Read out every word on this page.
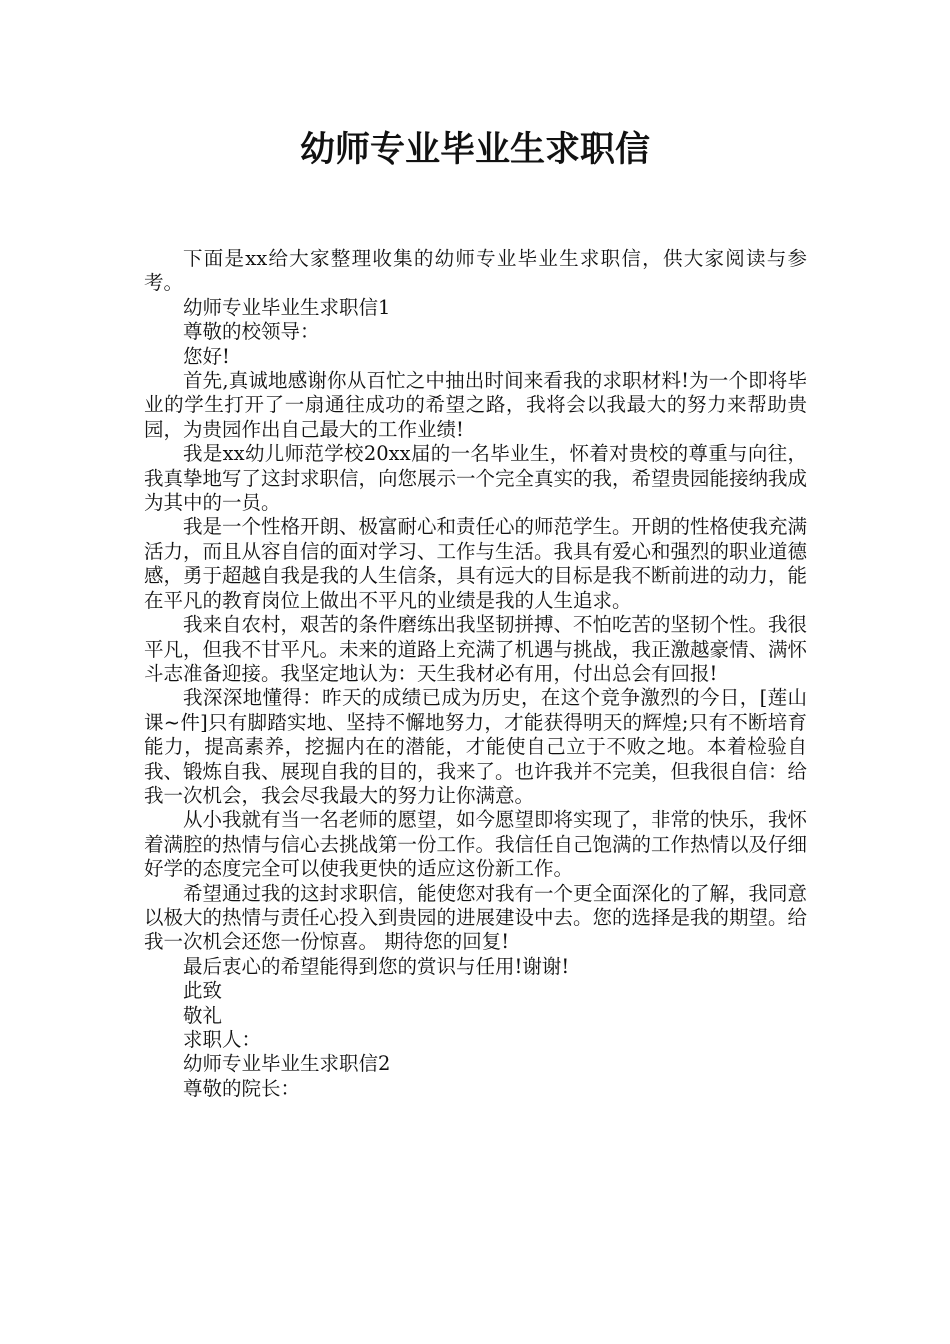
幼师专业毕业生求职信

下面是xx给大家整理收集的幼师专业毕业生求职信，供大家阅读与参考。

幼师专业毕业生求职信1

尊敬的校领导：

您好!

首先,真诚地感谢你从百忙之中抽出时间来看我的求职材料!为一个即将毕业的学生打开了一扇通往成功的希望之路，我将会以我最大的努力来帮助贵园，为贵园作出自己最大的工作业绩!

我是xx幼儿师范学校20xx届的一名毕业生，怀着对贵校的尊重与向往，我真挚地写了这封求职信，向您展示一个完全真实的我，希望贵园能接纳我成为其中的一员。

我是一个性格开朗、极富耐心和责任心的师范学生。开朗的性格使我充满活力，而且从容自信的面对学习、工作与生活。我具有爱心和强烈的职业道德感，勇于超越自我是我的人生信条，具有远大的目标是我不断前进的动力，能在平凡的教育岗位上做出不平凡的业绩是我的人生追求。

我来自农村，艰苦的条件磨练出我坚韧拼搏、不怕吃苦的坚韧个性。我很平凡，但我不甘平凡。未来的道路上充满了机遇与挑战，我正激越豪情、满怀斗志准备迎接。我坚定地认为：天生我材必有用，付出总会有回报!

我深深地懂得：昨天的成绩已成为历史，在这个竞争激烈的今日，[莲山 课~件]只有脚踏实地、坚持不懈地努力，才能获得明天的辉煌;只有不断培育能力，提高素养，挖掘内在的潜能，才能使自己立于不败之地。本着检验自我、锻炼自我、展现自我的目的，我来了。也许我并不完美，但我很自信：给我一次机会，我会尽我最大的努力让你满意。

从小我就有当一名老师的愿望，如今愿望即将实现了，非常的快乐，我怀着满腔的热情与信心去挑战第一份工作。我信任自己饱满的工作热情以及仔细好学的态度完全可以使我更快的适应这份新工作。

希望通过我的这封求职信，能使您对我有一个更全面深化的了解，我同意以极大的热情与责任心投入到贵园的进展建设中去。您的选择是我的期望。给我一次机会还您一份惊喜。 期待您的回复!

最后衷心的希望能得到您的赏识与任用!谢谢!

此致

敬礼

求职人：

幼师专业毕业生求职信2

尊敬的院长：
